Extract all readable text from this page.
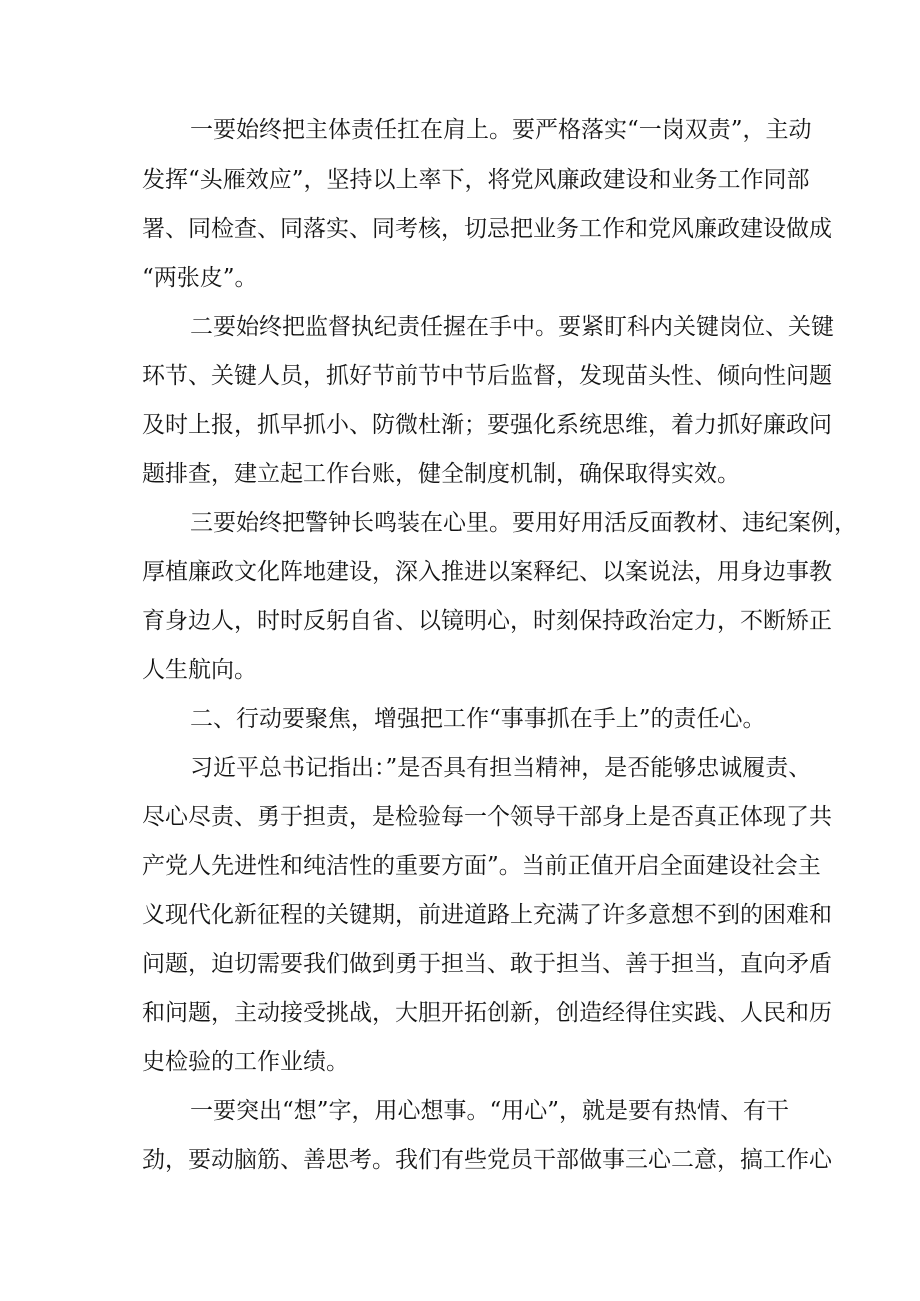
一要始终把主体责任扛在肩上。要严格落实“一岗双责”，主动
发挥“头雁效应”，坚持以上率下，将党风廉政建设和业务工作同部
署、同检查、同落实、同考核，切忌把业务工作和党风廉政建设做成
“两张皮”。
二要始终把监督执纪责任握在手中。要紧盯科内关键岗位、关键
环节、关键人员，抓好节前节中节后监督，发现苗头性、倾向性问题
及时上报，抓早抓小、防微杜渐；要强化系统思维，着力抓好廉政问
题排查，建立起工作台账，健全制度机制，确保取得实效。
三要始终把警钟长鸣装在心里。要用好用活反面教材、违纪案例，
厚植廉政文化阵地建设，深入推进以案释纪、以案说法，用身边事教
育身边人，时时反躬自省、以镜明心，时刻保持政治定力，不断矫正
人生航向。
二、行动要聚焦，增强把工作“事事抓在手上”的责任心。
习近平总书记指出：”是否具有担当精神，是否能够忠诚履责、
尽心尽责、勇于担责，是检验每一个领导干部身上是否真正体现了共
产党人先进性和纯洁性的重要方面”。当前正值开启全面建设社会主
义现代化新征程的关键期，前进道路上充满了许多意想不到的困难和
问题，迫切需要我们做到勇于担当、敢于担当、善于担当，直向矛盾
和问题，主动接受挑战，大胆开拓创新，创造经得住实践、人民和历
史检验的工作业绩。
一要突出“想”字，用心想事。“用心”，就是要有热情、有干
劲，要动脑筋、善思考。我们有些党员干部做事三心二意，搞工作心
